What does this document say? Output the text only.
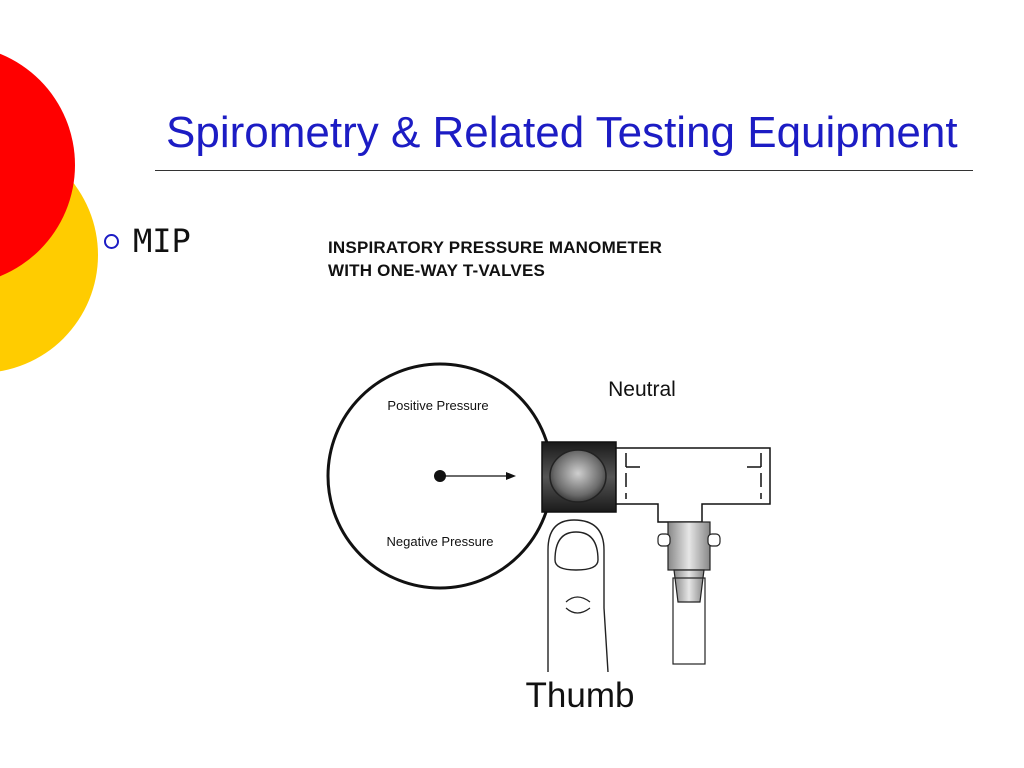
Spirometry & Related Testing Equipment
MIP	INSPIRATORY PRESSURE MANOMETER
WITH ONE-WAY T-VALVES
Positive Pressure
Negative Pressure
Neutral
Thumb
